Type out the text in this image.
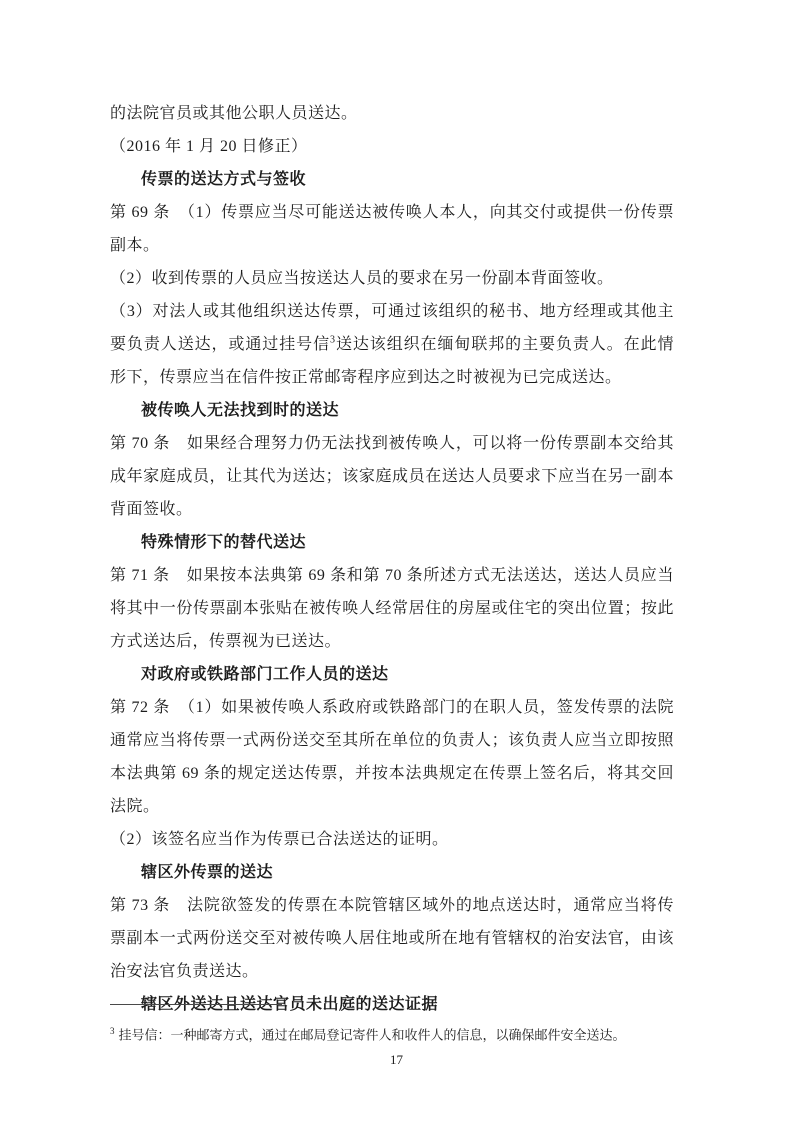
的法院官员或其他公职人员送达。

（2016 年 1 月 20 日修正）

传票的送达方式与签收

第 69 条　（1）传票应当尽可能送达被传唤人本人，向其交付或提供一份传票副本。

（2）收到传票的人员应当按送达人员的要求在另一份副本背面签收。

（3）对法人或其他组织送达传票，可通过该组织的秘书、地方经理或其他主要负责人送达，或通过挂号信$^3$送达该组织在缅甸联邦的主要负责人。在此情形下，传票应当在信件按正常邮寄程序应到达之时被视为已完成送达。

被传唤人无法找到时的送达

第 70 条　如果经合理努力仍无法找到被传唤人，可以将一份传票副本交给其成年家庭成员，让其代为送达；该家庭成员在送达人员要求下应当在另一副本背面签收。

特殊情形下的替代送达

第 71 条　如果按本法典第 69 条和第 70 条所述方式无法送达，送达人员应当将其中一份传票副本张贴在被传唤人经常居住的房屋或住宅的突出位置；按此方式送达后，传票视为已送达。

对政府或铁路部门工作人员的送达

第 72 条　（1）如果被传唤人系政府或铁路部门的在职人员，签发传票的法院通常应当将传票一式两份送交至其所在单位的负责人；该负责人应当立即按照本法典第 69 条的规定送达传票，并按本法典规定在传票上签名后，将其交回法院。

（2）该签名应当作为传票已合法送达的证明。

辖区外传票的送达

第 73 条　法院欲签发的传票在本院管辖区域外的地点送达时，通常应当将传票副本一式两份送交至对被传唤人居住地或所在地有管辖权的治安法官，由该治安法官负责送达。

辖区外送达且送达官员未出庭的送达证据

$^3$ 挂号信：一种邮寄方式，通过在邮局登记寄件人和收件人的信息，以确保邮件安全送达。
17
